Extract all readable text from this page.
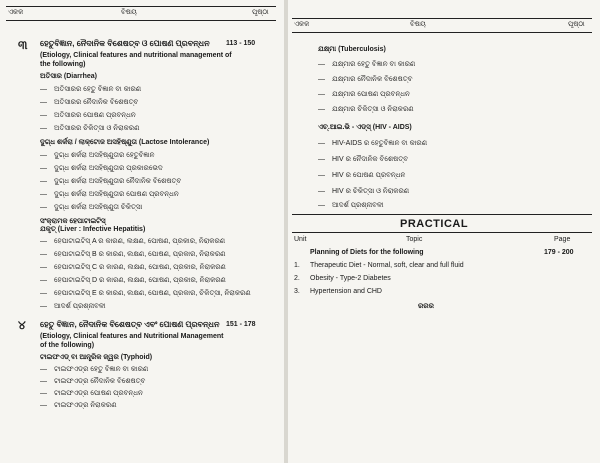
ଏକକ	ବିଷୟ	ପୃଷ୍ଠା
୩ ହେତୁବିଜ୍ଞାନ, ନୈଦାନିକ ବିଶେଷତ୍ବ ଓ ପୋଷଣ ପ୍ରବନ୍ଧନ 113 - 150
(Etiology, Clinical features and nutritional management of
the following)
ଅତିସାର (Diarrhea)
— ଅତିସାରର ହେତୁ ବିଜ୍ଞାନ ବା କାରଣ
— ଅତିସାରର ନୈଦାନିକ ବିଶେଷତ୍ବ
— ଅତିସାରର ପୋଷଣ ପ୍ରବନ୍ଧନ
— ଅତିସାରର ଚିକିତ୍ସା ଓ ନିରାକରଣ
ଦୁଗ୍ଧ ଶର୍କରା / ଲାକ୍ଟୋଜ ଅସହିଷ୍ଣୁତା (Lactose Intolerance)
— ଦୁଗ୍ଧ ଶର୍କରା ଅସହିଷ୍ଣୁତାର ହେତୁବିଜ୍ଞାନ
— ଦୁଗ୍ଧ ଶର୍କରା ଅସହିଷ୍ଣୁତାର ପ୍ରକାରଭେଦ
— ଦୁଗ୍ଧ ଶର୍କରା ଅସହିଷ୍ଣୁତାର ନୈଦାନିକ ବିଶେଷତ୍ବ
— ଦୁଗ୍ଧ ଶର୍କରା ଅସହିଷ୍ଣୁତାର ପୋଷଣ ପ୍ରବନ୍ଧନ
— ଦୁଗ୍ଧ ଶର୍କରା ଅସହିଷ୍ଣୁତା ଚିକିତ୍ସା
ସଂକ୍ରାମକ ହେପାଟାଇଟିସ୍
ଯକୃତ୍ (Liver : Infective Hepatitis)
— ହେପାଟାଇଟିସ୍ A ର କାରଣ, ଲକ୍ଷଣ, ପୋଷଣ, ପ୍ରକାର, ନିରାକରଣ
— ହେପାଟାଇଟିସ୍ B ର କାରଣ, ଲକ୍ଷଣ, ପୋଷଣ, ପ୍ରକାର, ନିରାକରଣ
— ହେପାଟାଇଟିସ୍ C ର କାରଣ, ଲକ୍ଷଣ, ପୋଷଣ, ପ୍ରକାର, ନିରାକରଣ
— ହେପାଟାଇଟିସ୍ D ର କାରଣ, ଲକ୍ଷଣ, ପୋଷଣ, ପ୍ରକାର, ନିରାକରଣ
— ହେପାଟାଇଟିସ୍ E ର କାରଣ, ଲକ୍ଷଣ, ପୋଷଣ, ପ୍ରକାର, ଚିକିତ୍ସା, ନିରାକରଣ
— ଆଦର୍ଶ ପ୍ରଶ୍ନାବଳୀ
୪ ହେତୁ ବିଜ୍ଞାନ, ନୈଦାନିକ ବିଶେଷତ୍ବ ଏବଂ ପୋଷଣ ପ୍ରବନ୍ଧନ 151 - 178
(Etiology, Clinical features and Nutritional Management
of the following)
ଟାଇଫଏଡ୍ ବା ଆନ୍ତ୍ରିକ ଜ୍ୱର (Typhoid)
— ଟାଇଫଏଡ୍‌ର ହେତୁ ବିଜ୍ଞାନ ବା କାରଣ
— ଟାଇଫଏଡ୍‌ର ନୈଦାନିକ ବିଶେଷତ୍ବ
— ଟାଇଫଏଡ୍‌ର ପୋଷଣ ପ୍ରବନ୍ଧନ
— ଟାଇଫଏଡ୍‌ର ନିରାକରଣ
ଏକକ	ବିଷୟ	ପୃଷ୍ଠା
ଯକ୍ଷ୍ମା (Tuberculosis)
— ଯକ୍ଷ୍ମାର ହେତୁ ବିଜ୍ଞାନ ବା କାରଣ
— ଯକ୍ଷ୍ମାର ନୈଦାନିକ ବିଶେଷତ୍ବ
— ଯକ୍ଷ୍ମାର ପୋଷଣ ପ୍ରବନ୍ଧନ
— ଯକ୍ଷ୍ମାର ଚିକିତ୍ସା ଓ ନିରାକରଣ
ଏଚ୍.ଆଇ.ଭି - ଏଡ୍ସ୍ (HIV - AIDS)
— HIV-AIDS ର ହେତୁବିଜ୍ଞାନ ବା କାରଣ
— HIV ର ନୈଦାନିକ ବିଶେଷତ୍ବ
— HIV ର ପୋଷଣ ପ୍ରବନ୍ଧନ
— HIV ର ଚିକିତ୍ସା ଓ ନିରାକରଣ
— ଆଦର୍ଶ ପ୍ରଶ୍ନାବଳୀ
PRACTICAL
Unit	Topic	Page
Planning of Diets for the following	179 - 200
1. Therapeutic Diet - Normal, soft, clear and full fluid
2. Obesity - Type-2 Diabetes
3. Hypertension and CHD
ରରର
